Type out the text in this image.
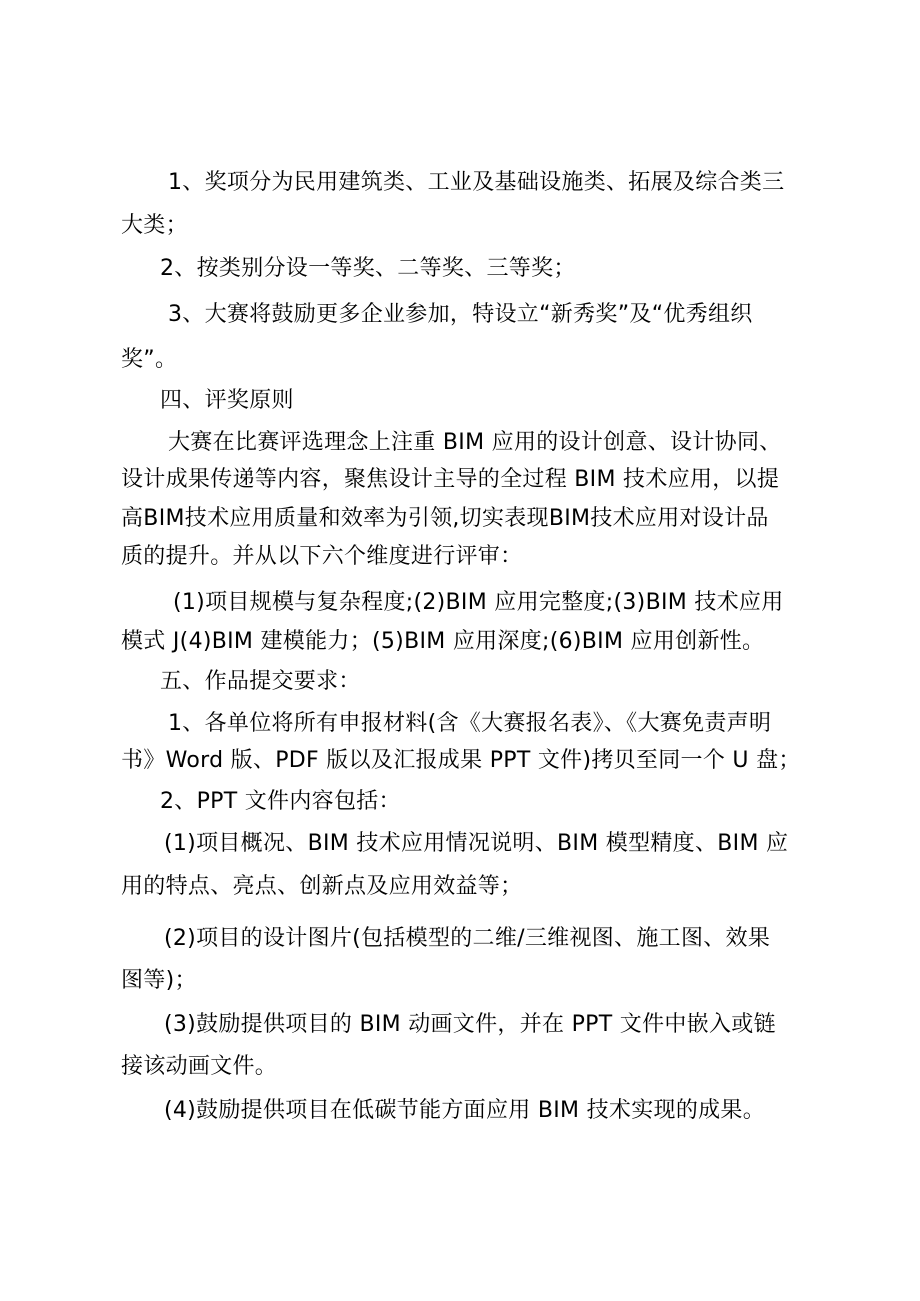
1、奖项分为民用建筑类、工业及基础设施类、拓展及综合类三
大类；
2、按类别分设一等奖、二等奖、三等奖；
3、大赛将鼓励更多企业参加，特设立“新秀奖”及“优秀组织
奖”。
四、评奖原则
大赛在比赛评选理念上注重 BIM 应用的设计创意、设计协同、
设计成果传递等内容，聚焦设计主导的全过程 BIM 技术应用，以提
高BIM技术应用质量和效率为引领,切实表现BIM技术应用对设计品
质的提升。并从以下六个维度进行评审：
(1)项目规模与复杂程度;(2)BIM 应用完整度;(3)BIM 技术应用
模式 J(4)BIM 建模能力；(5)BIM 应用深度;(6)BIM 应用创新性。
五、作品提交要求：
1、各单位将所有申报材料(含《大赛报名表》、《大赛免责声明
书》Word 版、PDF 版以及汇报成果 PPT 文件)拷贝至同一个 U 盘；
2、PPT 文件内容包括：
(1)项目概况、BIM 技术应用情况说明、BIM 模型精度、BIM 应
用的特点、亮点、创新点及应用效益等；
(2)项目的设计图片(包括模型的二维/三维视图、施工图、效果
图等)；
(3)鼓励提供项目的 BIM 动画文件，并在 PPT 文件中嵌入或链
接该动画文件。
(4)鼓励提供项目在低碳节能方面应用 BIM 技术实现的成果。
